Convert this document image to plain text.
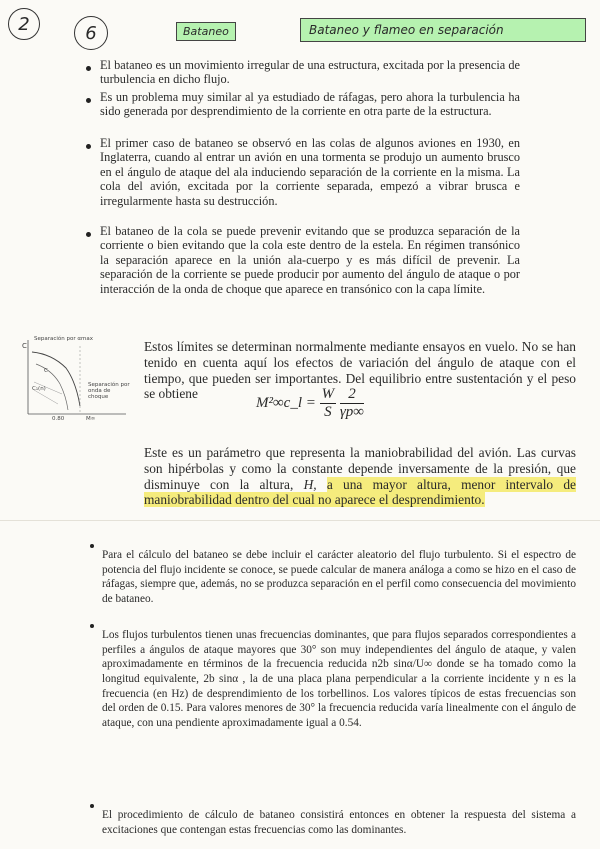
2	6	Bataneo	Bataneo y flameo en separación

El bataneo es un movimiento irregular de una estructura, excitada por la presencia de turbulencia en dicho flujo.

Es un problema muy similar al ya estudiado de ráfagas, pero ahora la turbulencia ha sido generada por desprendimiento de la corriente en otra parte de la estructura.

El primer caso de bataneo se observó en las colas de algunos aviones en 1930, en Inglaterra, cuando al entrar un avión en una tormenta se produjo un aumento brusco en el ángulo de ataque del ala induciendo separación de la corriente en la misma. La cola del avión, excitada por la corriente separada, empezó a vibrar brusca e irregularmente hasta su destrucción.

El bataneo de la cola se puede prevenir evitando que se produzca separación de la corriente o bien evitando que la cola este dentro de la estela. En régimen transónico la separación aparece en la unión ala-cuerpo y es más difícil de prevenir. La separación de la corriente se puede producir por aumento del ángulo de ataque o por interacción de la onda de choque que aparece en transónico con la capa límite.

C
Separación por αmax
C
C₁(n)
Separación por onda de choque
0.80	M∞

Estos límites se determinan normalmente mediante ensayos en vuelo. No se han tenido en cuenta aquí los efectos de variación del ángulo de ataque con el tiempo, que pueden ser importantes. Del equilibrio entre sustentación y el peso se obtiene

M²∞c_l = $\frac{W}{S}$
$\frac{2}{\gamma p\infty}$

Este es un parámetro que representa la maniobrabilidad del avión. Las curvas son hipérbolas y como la constante depende inversamente de la presión, que disminuye con la altura, H, a una mayor altura, menor intervalo de maniobrabilidad dentro del cual no aparece el desprendimiento.

Para el cálculo del bataneo se debe incluir el carácter aleatorio del flujo turbulento. Si el espectro de potencia del flujo incidente se conoce, se puede calcular de manera análoga a como se hizo en el caso de ráfagas, siempre que, además, no se produzca separación en el perfil como consecuencia del movimiento de bataneo.

Los flujos turbulentos tienen unas frecuencias dominantes, que para flujos separados correspondientes a perfiles a ángulos de ataque mayores que 30° son muy independientes del ángulo de ataque, y valen aproximadamente en términos de la frecuencia reducida n2b sinα/U∞ donde se ha tomado como la longitud equivalente, 2b sinα , la de una placa plana perpendicular a la corriente incidente y n es la frecuencia (en Hz) de desprendimiento de los torbellinos. Los valores típicos de estas frecuencias son del orden de 0.15. Para valores menores de 30° la frecuencia reducida varía linealmente con el ángulo de ataque, con una pendiente aproximadamente igual a 0.54.

El procedimiento de cálculo de bataneo consistirá entonces en obtener la respuesta del sistema a excitaciones que contengan estas frecuencias como las dominantes.
